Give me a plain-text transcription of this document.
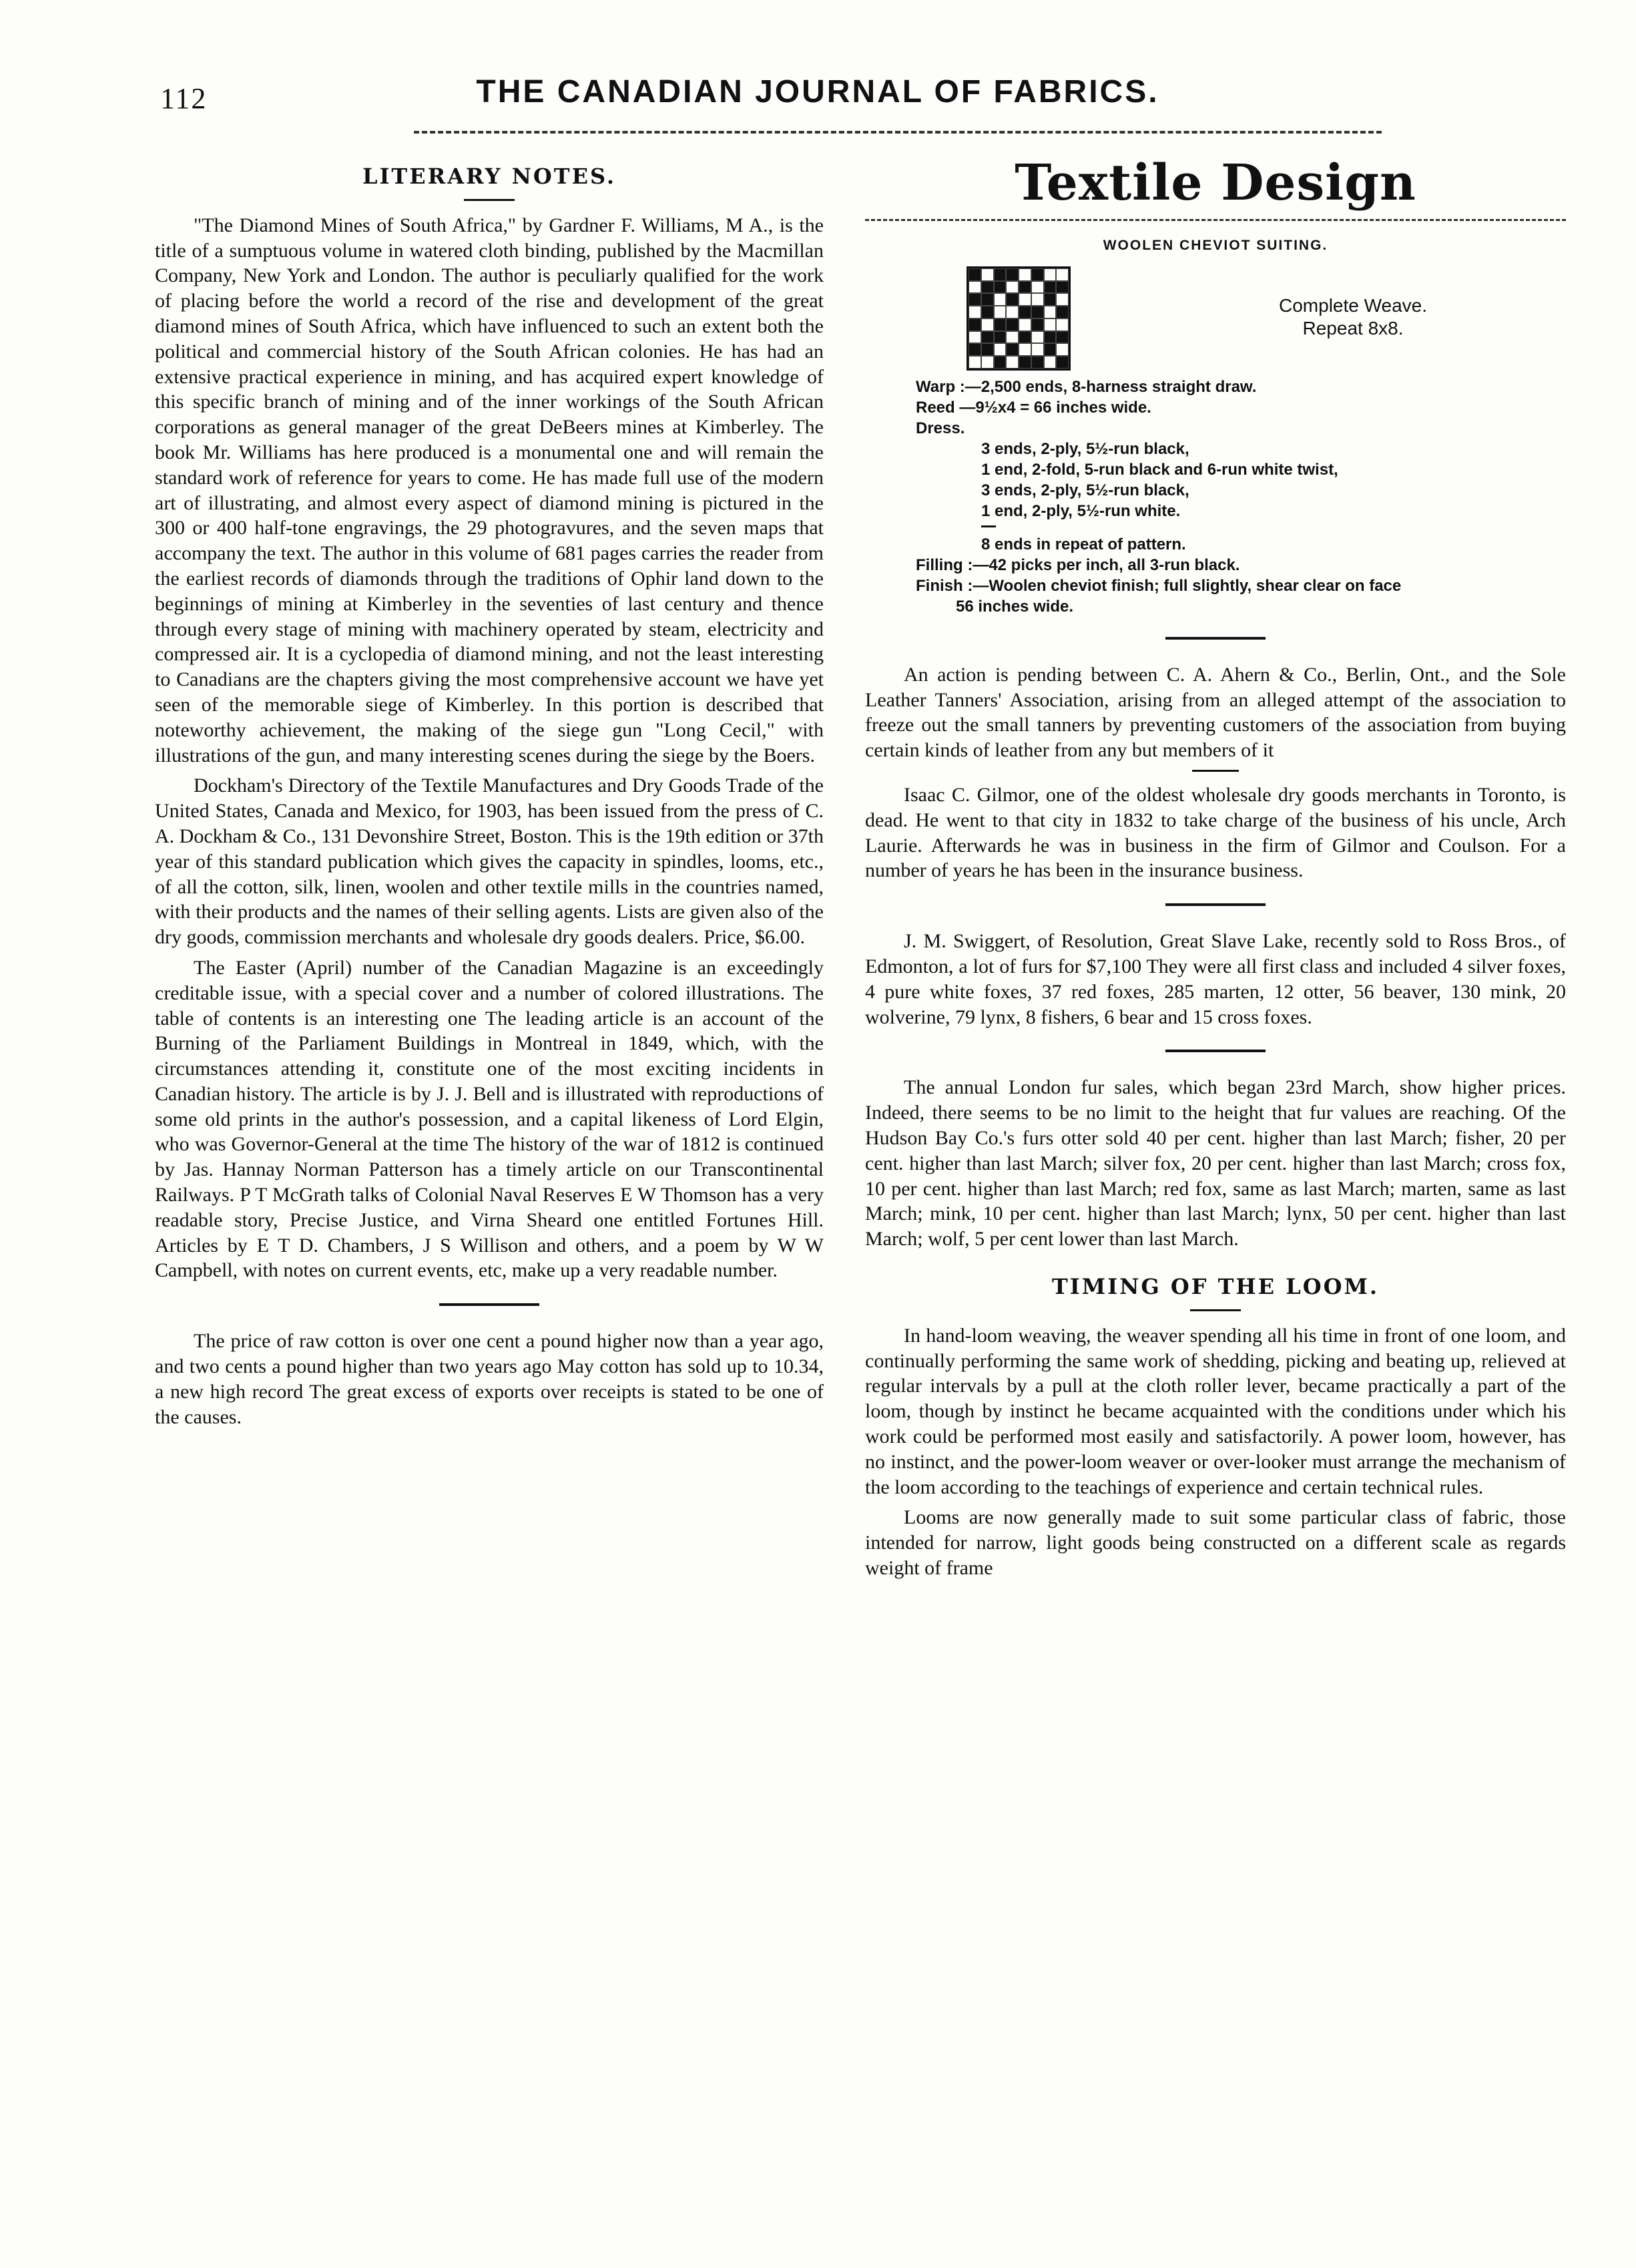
112	THE CANADIAN JOURNAL OF FABRICS.
LITERARY NOTES.

"The Diamond Mines of South Africa," by Gardner F. Williams, M A., is the title of a sumptuous volume in watered cloth binding, published by the Macmillan Company, New York and London. The author is peculiarly qualified for the work of placing before the world a record of the rise and development of the great diamond mines of South Africa, which have influenced to such an extent both the political and commercial history of the South African colonies. He has had an extensive practical experience in mining, and has acquired expert knowledge of this specific branch of mining and of the inner workings of the South African corporations as general manager of the great DeBeers mines at Kimberley. The book Mr. Williams has here produced is a monumental one and will remain the standard work of reference for years to come. He has made full use of the modern art of illustrating, and almost every aspect of diamond mining is pictured in the 300 or 400 half-tone engravings, the 29 photogravures, and the seven maps that accompany the text. The author in this volume of 681 pages carries the reader from the earliest records of diamonds through the traditions of Ophir land down to the beginnings of mining at Kimberley in the seventies of last century and thence through every stage of mining with machinery operated by steam, electricity and compressed air. It is a cyclopedia of diamond mining, and not the least interesting to Canadians are the chapters giving the most comprehensive account we have yet seen of the memorable siege of Kimberley. In this portion is described that noteworthy achievement, the making of the siege gun "Long Cecil," with illustrations of the gun, and many interesting scenes during the siege by the Boers.

Dockham's Directory of the Textile Manufactures and Dry Goods Trade of the United States, Canada and Mexico, for 1903, has been issued from the press of C. A. Dockham & Co., 131 Devonshire Street, Boston. This is the 19th edition or 37th year of this standard publication which gives the capacity in spindles, looms, etc., of all the cotton, silk, linen, woolen and other textile mills in the countries named, with their products and the names of their selling agents. Lists are given also of the dry goods, commission merchants and wholesale dry goods dealers. Price, $6.00.

The Easter (April) number of the Canadian Magazine is an exceedingly creditable issue, with a special cover and a number of colored illustrations. The table of contents is an interesting one The leading article is an account of the Burning of the Parliament Buildings in Montreal in 1849, which, with the circumstances attending it, constitute one of the most exciting incidents in Canadian history. The article is by J. J. Bell and is illustrated with reproductions of some old prints in the author's possession, and a capital likeness of Lord Elgin, who was Governor-General at the time The history of the war of 1812 is continued by Jas. Hannay Norman Patterson has a timely article on our Transcontinental Railways. P T McGrath talks of Colonial Naval Reserves E W Thomson has a very readable story, Precise Justice, and Virna Sheard one entitled Fortunes Hill. Articles by E T D. Chambers, J S Willison and others, and a poem by W W Campbell, with notes on current events, etc, make up a very readable number.

The price of raw cotton is over one cent a pound higher now than a year ago, and two cents a pound higher than two years ago May cotton has sold up to 10.34, a new high record The great excess of exports over receipts is stated to be one of the causes.

Textile Design
WOOLEN CHEVIOT SUITING.
Complete Weave.
Repeat 8x8.
Warp :—2,500 ends, 8-harness straight draw.
Reed —9½x4 = 66 inches wide.
Dress.
3 ends, 2-ply, 5½-run black,
1 end, 2-fold, 5-run black and 6-run white twist,
3 ends, 2-ply, 5½-run black,
1 end, 2-ply, 5½-run white.
8 ends in repeat of pattern.
Filling :—42 picks per inch, all 3-run black.
Finish :—Woolen cheviot finish; full slightly, shear clear on face
56 inches wide.

An action is pending between C. A. Ahern & Co., Berlin, Ont., and the Sole Leather Tanners' Association, arising from an alleged attempt of the association to freeze out the small tanners by preventing customers of the association from buying certain kinds of leather from any but members of it

Isaac C. Gilmor, one of the oldest wholesale dry goods merchants in Toronto, is dead. He went to that city in 1832 to take charge of the business of his uncle, Arch Laurie. Afterwards he was in business in the firm of Gilmor and Coulson. For a number of years he has been in the insurance business.

J. M. Swiggert, of Resolution, Great Slave Lake, recently sold to Ross Bros., of Edmonton, a lot of furs for $7,100 They were all first class and included 4 silver foxes, 4 pure white foxes, 37 red foxes, 285 marten, 12 otter, 56 beaver, 130 mink, 20 wolverine, 79 lynx, 8 fishers, 6 bear and 15 cross foxes.

The annual London fur sales, which began 23rd March, show higher prices. Indeed, there seems to be no limit to the height that fur values are reaching. Of the Hudson Bay Co.'s furs otter sold 40 per cent. higher than last March; fisher, 20 per cent. higher than last March; silver fox, 20 per cent. higher than last March; cross fox, 10 per cent. higher than last March; red fox, same as last March; marten, same as last March; mink, 10 per cent. higher than last March; lynx, 50 per cent. higher than last March; wolf, 5 per cent lower than last March.

TIMING OF THE LOOM.

In hand-loom weaving, the weaver spending all his time in front of one loom, and continually performing the same work of shedding, picking and beating up, relieved at regular intervals by a pull at the cloth roller lever, became practically a part of the loom, though by instinct he became acquainted with the conditions under which his work could be performed most easily and satisfactorily. A power loom, however, has no instinct, and the power-loom weaver or over-looker must arrange the mechanism of the loom according to the teachings of experience and certain technical rules.

Looms are now generally made to suit some particular class of fabric, those intended for narrow, light goods being constructed on a different scale as regards weight of frame
